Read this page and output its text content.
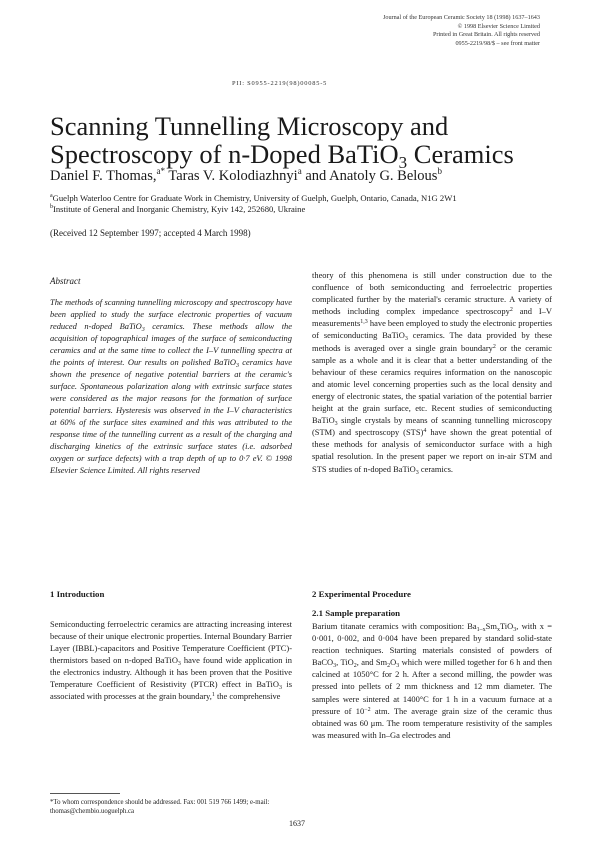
Journal of the European Ceramic Society 18 (1998) 1637–1643
© 1998 Elsevier Science Limited
Printed in Great Britain. All rights reserved
0955-2219/98/$ – see front matter
PII: S0955-2219(98)00085-5
Scanning Tunnelling Microscopy and
Spectroscopy of n-Doped BaTiO$_3$ Ceramics
Daniel F. Thomas,$^{a*}$ Taras V. Kolodiazhnyi$^a$ and Anatoly G. Belous$^b$
$^a$Guelph Waterloo Centre for Graduate Work in Chemistry, University of Guelph, Guelph, Ontario, Canada, N1G 2W1
$^b$Institute of General and Inorganic Chemistry, Kyiv 142, 252680, Ukraine
(Received 12 September 1997; accepted 4 March 1998)
Abstract
The methods of scanning tunnelling microscopy and spectroscopy have been applied to study the surface electronic properties of vacuum reduced n-doped BaTiO$_3$ ceramics. These methods allow the acquisition of topographical images of the surface of semiconducting ceramics and at the same time to collect the I–V tunnelling spectra at the points of interest. Our results on polished BaTiO$_3$ ceramics have shown the presence of negative potential barriers at the ceramic's surface. Spontaneous polarization along with extrinsic surface states were considered as the major reasons for the formation of surface potential barriers. Hysteresis was observed in the I–V characteristics at 60% of the surface sites examined and this was attributed to the response time of the tunnelling current as a result of the charging and discharging kinetics of the extrinsic surface states (i.e. adsorbed oxygen or surface defects) with a trap depth of up to 0·7 eV. © 1998 Elsevier Science Limited. All rights reserved
theory of this phenomena is still under construction due to the confluence of both semiconducting and ferroelectric properties complicated further by the material's ceramic structure. A variety of methods including complex impedance spectroscopy$^2$ and I–V measurements$^{1,3}$ have been employed to study the electronic properties of semiconducting BaTiO$_3$ ceramics. The data provided by these methods is averaged over a single grain boundary$^2$ or the ceramic sample as a whole and it is clear that a better understanding of the behaviour of these ceramics requires information on the nanoscopic and atomic level concerning properties such as the local density and energy of electronic states, the spatial variation of the potential barrier height at the grain surface, etc. Recent studies of semiconducting BaTiO$_3$ single crystals by means of scanning tunnelling microscopy (STM) and spectroscopy (STS)$^4$ have shown the great potential of these methods for analysis of semiconductor surface with a high spatial resolution. In the present paper we report on in-air STM and STS studies of n-doped BaTiO$_3$ ceramics.
1 Introduction	2 Experimental Procedure
2.1 Sample preparation
Semiconducting ferroelectric ceramics are attracting increasing interest because of their unique electronic properties. Internal Boundary Barrier Layer (IBBL)-capacitors and Positive Temperature Coefficient (PTC)-thermistors based on n-doped BaTiO$_3$ have found wide application in the electronics industry. Although it has been proven that the Positive Temperature Coefficient of Resistivity (PTCR) effect in BaTiO$_3$ is associated with processes at the grain boundary,$^1$ the comprehensive
Barium titanate ceramics with composition: $Ba_{1-x}Sm_xTiO_3$, with x = 0·001, 0·002, and 0·004 have been prepared by standard solid-state reaction techniques. Starting materials consisted of powders of BaCO$_3$, TiO$_2$, and $Sm_2O_3$ which were milled together for 6 h and then calcined at 1050°C for 2 h. After a second milling, the powder was pressed into pellets of 2 mm thickness and 12 mm diameter. The samples were sintered at 1400°C for 1 h in a vacuum furnace at a pressure of $10^{-2}$ atm. The average grain size of the ceramic thus obtained was 60 μm. The room temperature resistivity of the samples was measured with In–Ga electrodes and
*To whom correspondence should be addressed. Fax: 001 519 766 1499; e-mail: thomas@chembio.uoguelph.ca
1637
